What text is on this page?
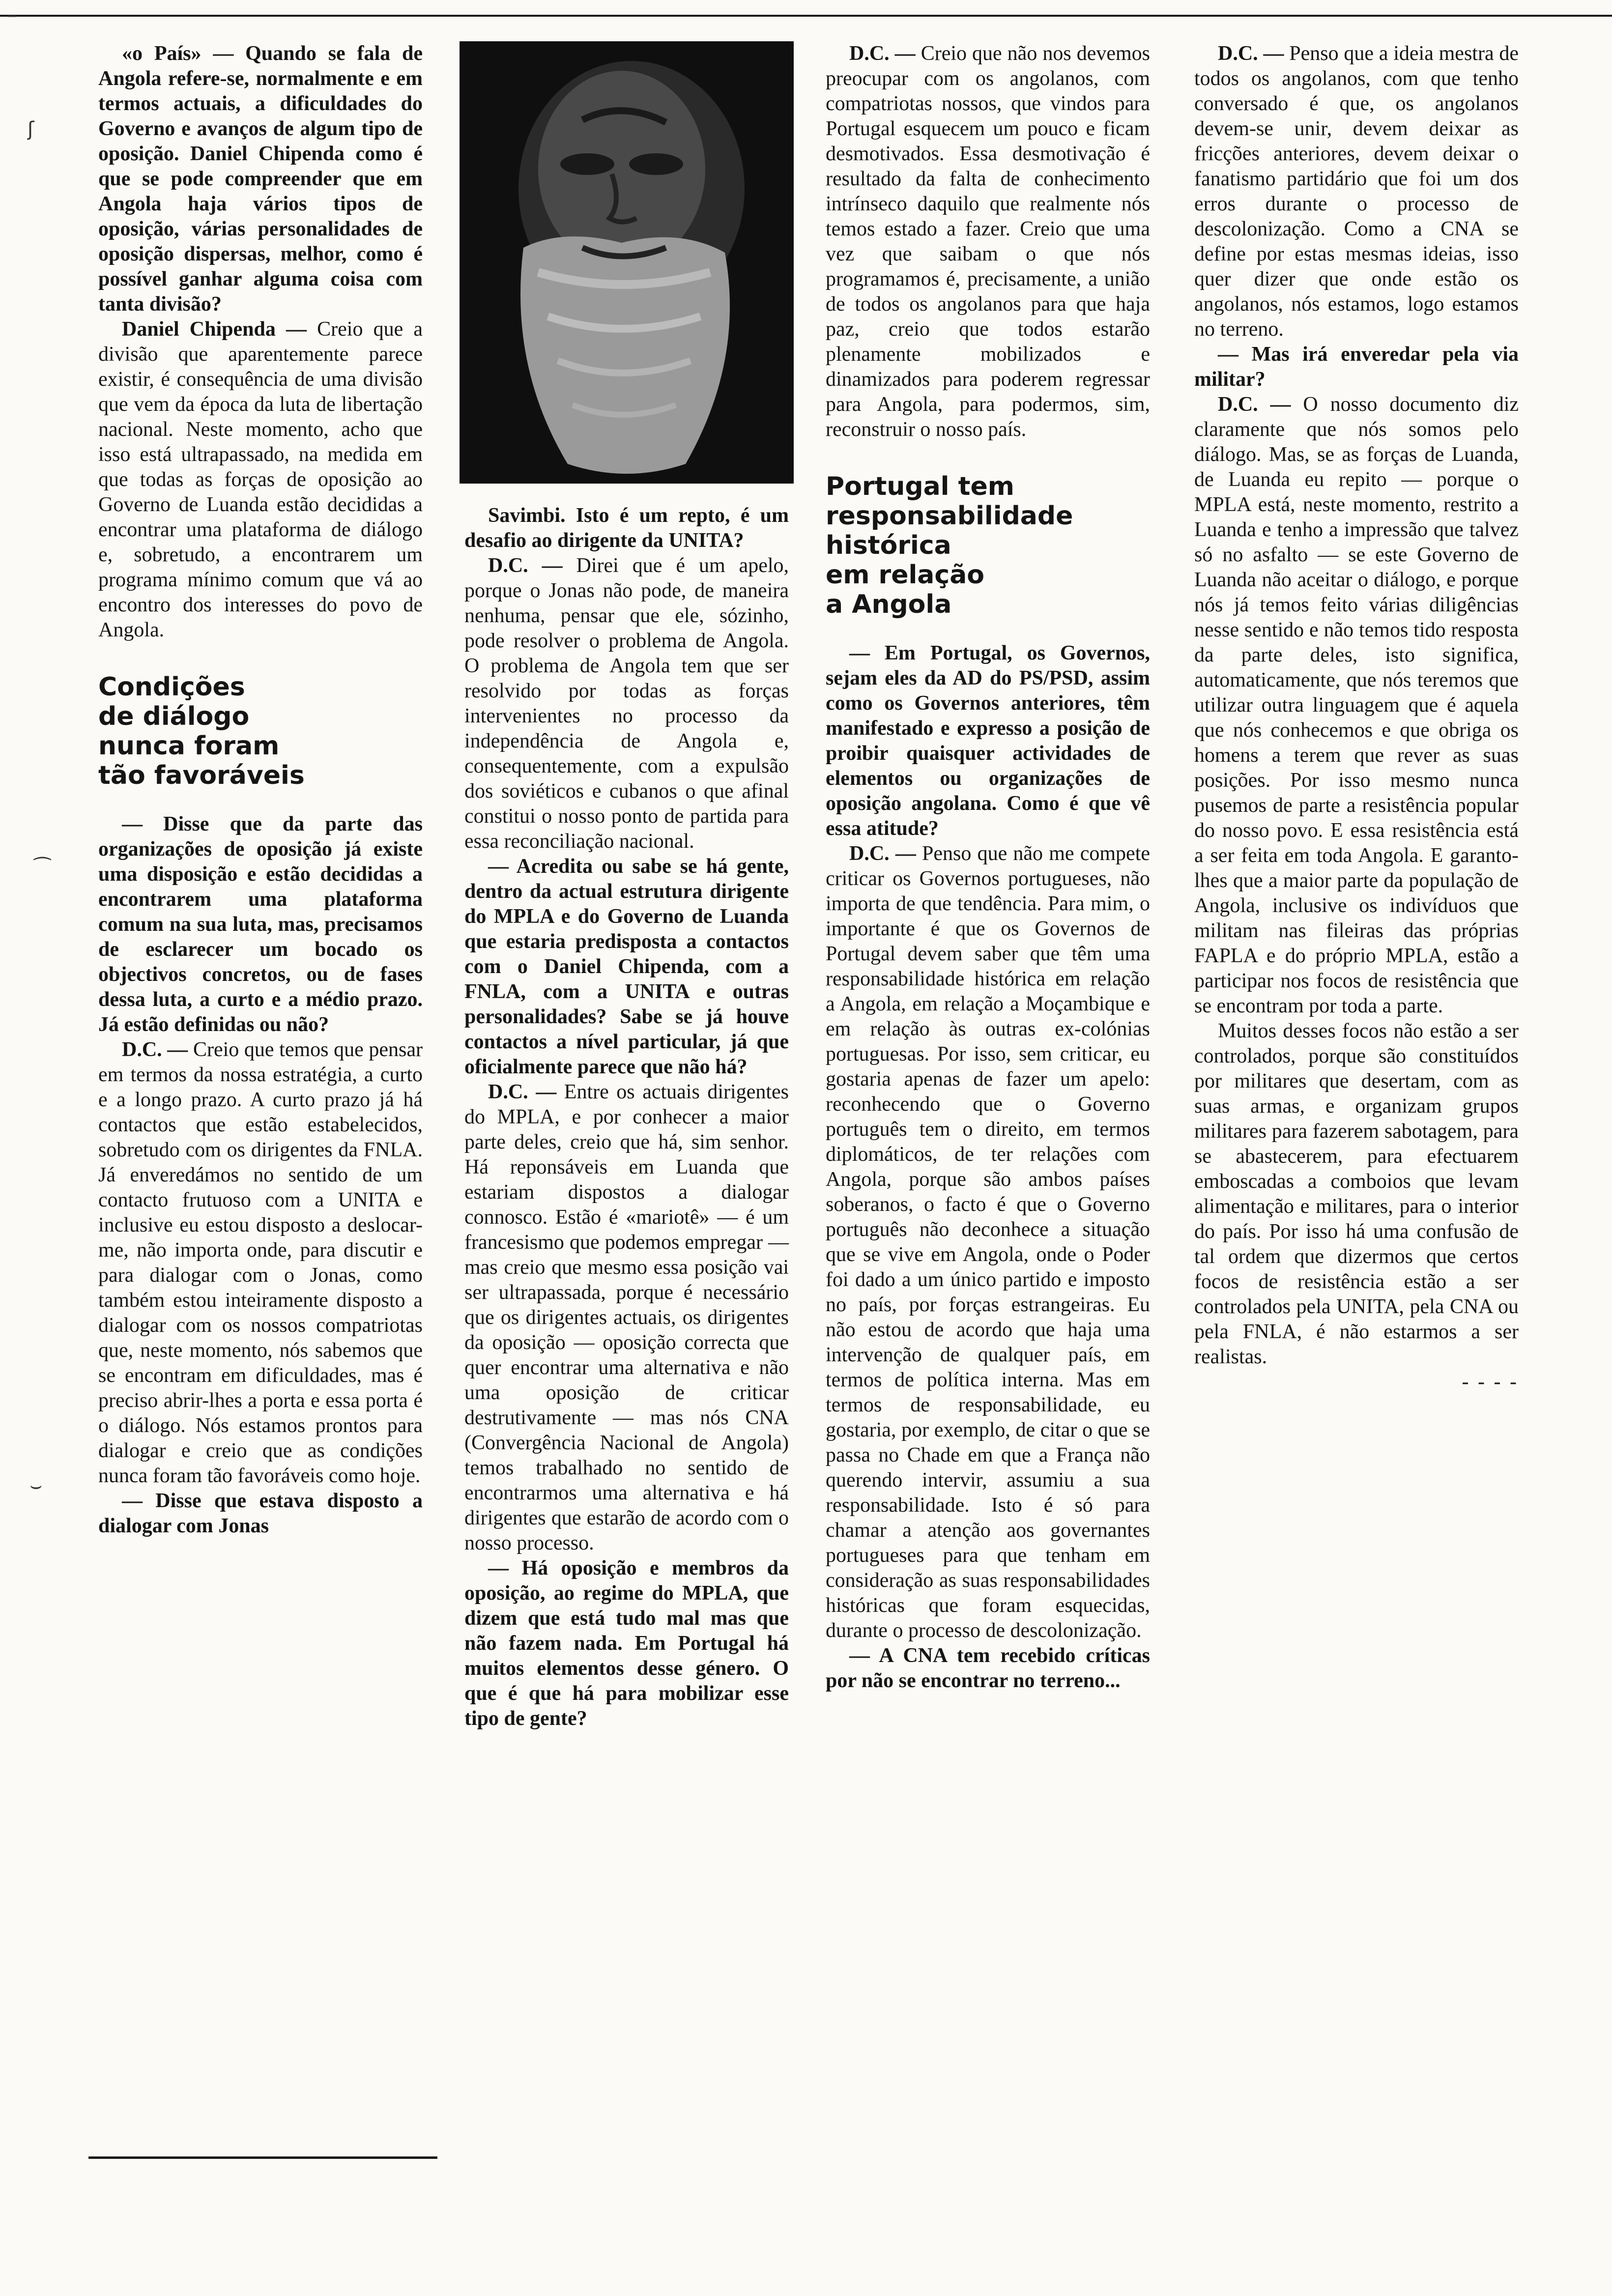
–
ʃ
⁀
⌣

«o País» — Quando se fala de Angola refere-se, normalmente e em termos actuais, a dificuldades do Governo e avanços de algum tipo de oposição. Daniel Chipenda como é que se pode compreender que em Angola haja vários tipos de oposição, várias personalidades de oposição dispersas, melhor, como é possível ganhar alguma coisa com tanta divisão?

Daniel Chipenda — Creio que a divisão que aparentemente parece existir, é consequência de uma divisão que vem da época da luta de libertação nacional. Neste momento, acho que isso está ultrapassado, na medida em que todas as forças de oposição ao Governo de Luanda estão decididas a encontrar uma plataforma de diálogo e, sobretudo, a encontrarem um programa mínimo comum que vá ao encontro dos interesses do povo de Angola.

Condições
de diálogo
nunca foram
tão favoráveis

— Disse que da parte das organizações de oposição já existe uma disposição e estão decididas a encontrarem uma plataforma comum na sua luta, mas, precisamos de esclarecer um bocado os objectivos concretos, ou de fases dessa luta, a curto e a médio prazo. Já estão definidas ou não?

D.C. — Creio que temos que pensar em termos da nossa estratégia, a curto e a longo prazo. A curto prazo já há contactos que estão estabelecidos, sobretudo com os dirigentes da FNLA. Já enveredámos no sentido de um contacto frutuoso com a UNITA e inclusive eu estou disposto a deslocar-me, não importa onde, para discutir e para dialogar com o Jonas, como também estou inteiramente disposto a dialogar com os nossos compatriotas que, neste momento, nós sabemos que se encontram em dificuldades, mas é preciso abrir-lhes a porta e essa porta é o diálogo. Nós estamos prontos para dialogar e creio que as condições nunca foram tão favoráveis como hoje.

— Disse que estava disposto a dialogar com Jonas

Savimbi. Isto é um repto, é um desafio ao dirigente da UNITA?

D.C. — Direi que é um apelo, porque o Jonas não pode, de maneira nenhuma, pensar que ele, sózinho, pode resolver o problema de Angola. O problema de Angola tem que ser resolvido por todas as forças intervenientes no processo da independência de Angola e, consequentemente, com a expulsão dos soviéticos e cubanos o que afinal constitui o nosso ponto de partida para essa reconciliação nacional.

— Acredita ou sabe se há gente, dentro da actual estrutura dirigente do MPLA e do Governo de Luanda que estaria predisposta a contactos com o Daniel Chipenda, com a FNLA, com a UNITA e outras personalidades? Sabe se já houve contactos a nível particular, já que oficialmente parece que não há?

D.C. — Entre os actuais dirigentes do MPLA, e por conhecer a maior parte deles, creio que há, sim senhor. Há reponsáveis em Luanda que estariam dispostos a dialogar connosco. Estão é «mariotê» — é um francesismo que podemos empregar — mas creio que mesmo essa posição vai ser ultrapassada, porque é necessário que os dirigentes actuais, os dirigentes da oposição — oposição correcta que quer encontrar uma alternativa e não uma oposição de criticar destrutivamente — mas nós CNA (Convergência Nacional de Angola) temos trabalhado no sentido de encontrarmos uma alternativa e há dirigentes que estarão de acordo com o nosso processo.

— Há oposição e membros da oposição, ao regime do MPLA, que dizem que está tudo mal mas que não fazem nada. Em Portugal há muitos elementos desse género. O que é que há para mobilizar esse tipo de gente?

D.C. — Creio que não nos devemos preocupar com os angolanos, com compatriotas nossos, que vindos para Portugal esquecem um pouco e ficam desmotivados. Essa desmotivação é resultado da falta de conhecimento intrínseco daquilo que realmente nós temos estado a fazer. Creio que uma vez que saibam o que nós programamos é, precisamente, a união de todos os angolanos para que haja paz, creio que todos estarão plenamente mobilizados e dinamizados para poderem regressar para Angola, para podermos, sim, reconstruir o nosso país.

Portugal tem
responsabilidade
histórica
em relação
a Angola

— Em Portugal, os Governos, sejam eles da AD do PS/PSD, assim como os Governos anteriores, têm manifestado e expresso a posição de proibir quaisquer actividades de elementos ou organizações de oposição angolana. Como é que vê essa atitude?

D.C. — Penso que não me compete criticar os Governos portugueses, não importa de que tendência. Para mim, o importante é que os Governos de Portugal devem saber que têm uma responsabilidade histórica em relação a Angola, em relação a Moçambique e em relação às outras ex-colónias portuguesas. Por isso, sem criticar, eu gostaria apenas de fazer um apelo: reconhecendo que o Governo português tem o direito, em termos diplomáticos, de ter relações com Angola, porque são ambos países soberanos, o facto é que o Governo português não deconhece a situação que se vive em Angola, onde o Poder foi dado a um único partido e imposto no país, por forças estrangeiras. Eu não estou de acordo que haja uma intervenção de qualquer país, em termos de política interna. Mas em termos de responsabilidade, eu gostaria, por exemplo, de citar o que se passa no Chade em que a França não querendo intervir, assumiu a sua responsabilidade. Isto é só para chamar a atenção aos governantes portugueses para que tenham em consideração as suas responsabilidades históricas que foram esquecidas, durante o processo de descolonização.

— A CNA tem recebido críticas por não se encontrar no terreno...

D.C. — Penso que a ideia mestra de todos os angolanos, com que tenho conversado é que, os angolanos devem-se unir, devem deixar as fricções anteriores, devem deixar o fanatismo partidário que foi um dos erros durante o processo de descolonização. Como a CNA se define por estas mesmas ideias, isso quer dizer que onde estão os angolanos, nós estamos, logo estamos no terreno.

— Mas irá enveredar pela via militar?

D.C. — O nosso documento diz claramente que nós somos pelo diálogo. Mas, se as forças de Luanda, de Luanda eu repito — porque o MPLA está, neste momento, restrito a Luanda e tenho a impressão que talvez só no asfalto — se este Governo de Luanda não aceitar o diálogo, e porque nós já temos feito várias diligências nesse sentido e não temos tido resposta da parte deles, isto significa, automaticamente, que nós teremos que utilizar outra linguagem que é aquela que nós conhecemos e que obriga os homens a terem que rever as suas posições. Por isso mesmo nunca pusemos de parte a resistência popular do nosso povo. E essa resistência está a ser feita em toda Angola. E garanto-lhes que a maior parte da população de Angola, inclusive os indivíduos que militam nas fileiras das próprias FAPLA e do próprio MPLA, estão a participar nos focos de resistência que se encontram por toda a parte.

Muitos desses focos não estão a ser controlados, porque são constituídos por militares que desertam, com as suas armas, e organizam grupos militares para fazerem sabotagem, para se abastecerem, para efectuarem emboscadas a comboios que levam alimentação e militares, para o interior do país. Por isso há uma confusão de tal ordem que dizermos que certos focos de resistência estão a ser controlados pela UNITA, pela CNA ou pela FNLA, é não estarmos a ser realistas.

- - - -
